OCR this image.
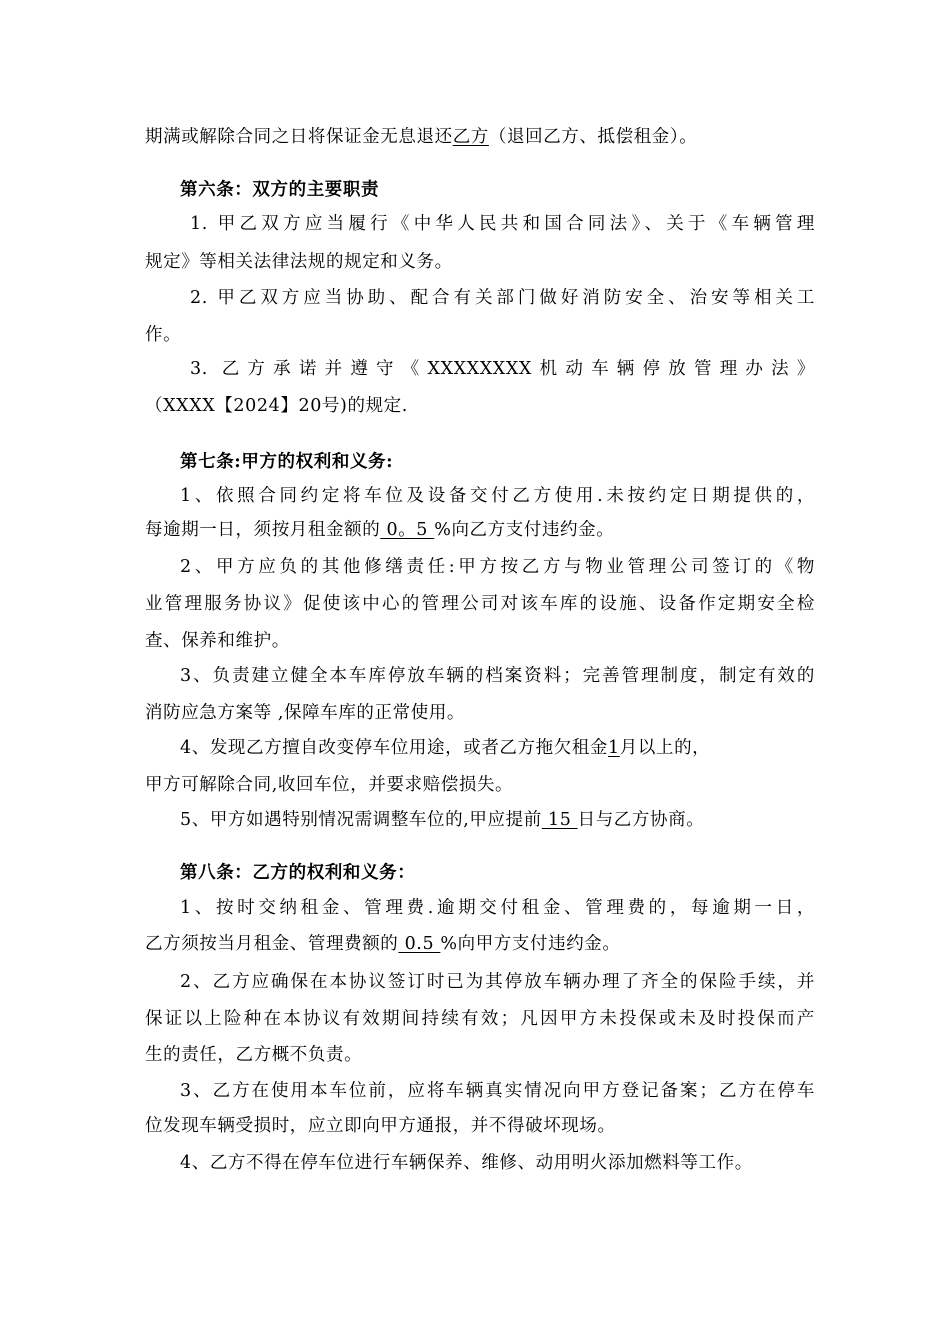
期满或解除合同之日将保证金无息退还乙方（退回乙方、抵偿租金）。
第六条：双方的主要职责
1. 甲乙双方应当履行《中华人民共和国合同法》、关于《车辆管理
规定》等相关法律法规的规定和义务。
2. 甲乙双方应当协助、配合有关部门做好消防安全、治安等相关工
作。
3. 乙方承诺并遵守《XXXXXXXX机动车辆停放管理办法》
（XXXX【2024】20号)的规定.
第七条:甲方的权利和义务:
1、依照合同约定将车位及设备交付乙方使用.未按约定日期提供的，
每逾期一日，须按月租金额的 0。5 %向乙方支付违约金。
2、甲方应负的其他修缮责任:甲方按乙方与物业管理公司签订的《物
业管理服务协议》促使该中心的管理公司对该车库的设施、设备作定期安全检
查、保养和维护。
3、负责建立健全本车库停放车辆的档案资料；完善管理制度，制定有效的
消防应急方案等 ,保障车库的正常使用。
4、发现乙方擅自改变停车位用途，或者乙方拖欠租金1月以上的，
甲方可解除合同,收回车位，并要求赔偿损失。
5、甲方如遇特别情况需调整车位的,甲应提前 15 日与乙方协商。
第八条：乙方的权利和义务：
1、按时交纳租金、管理费.逾期交付租金、管理费的，每逾期一日，
乙方须按当月租金、管理费额的 0.5 %向甲方支付违约金。
2、乙方应确保在本协议签订时已为其停放车辆办理了齐全的保险手续，并
保证以上险种在本协议有效期间持续有效；凡因甲方未投保或未及时投保而产
生的责任，乙方概不负责。
3、乙方在使用本车位前，应将车辆真实情况向甲方登记备案；乙方在停车
位发现车辆受损时，应立即向甲方通报，并不得破坏现场。
4、乙方不得在停车位进行车辆保养、维修、动用明火添加燃料等工作。
